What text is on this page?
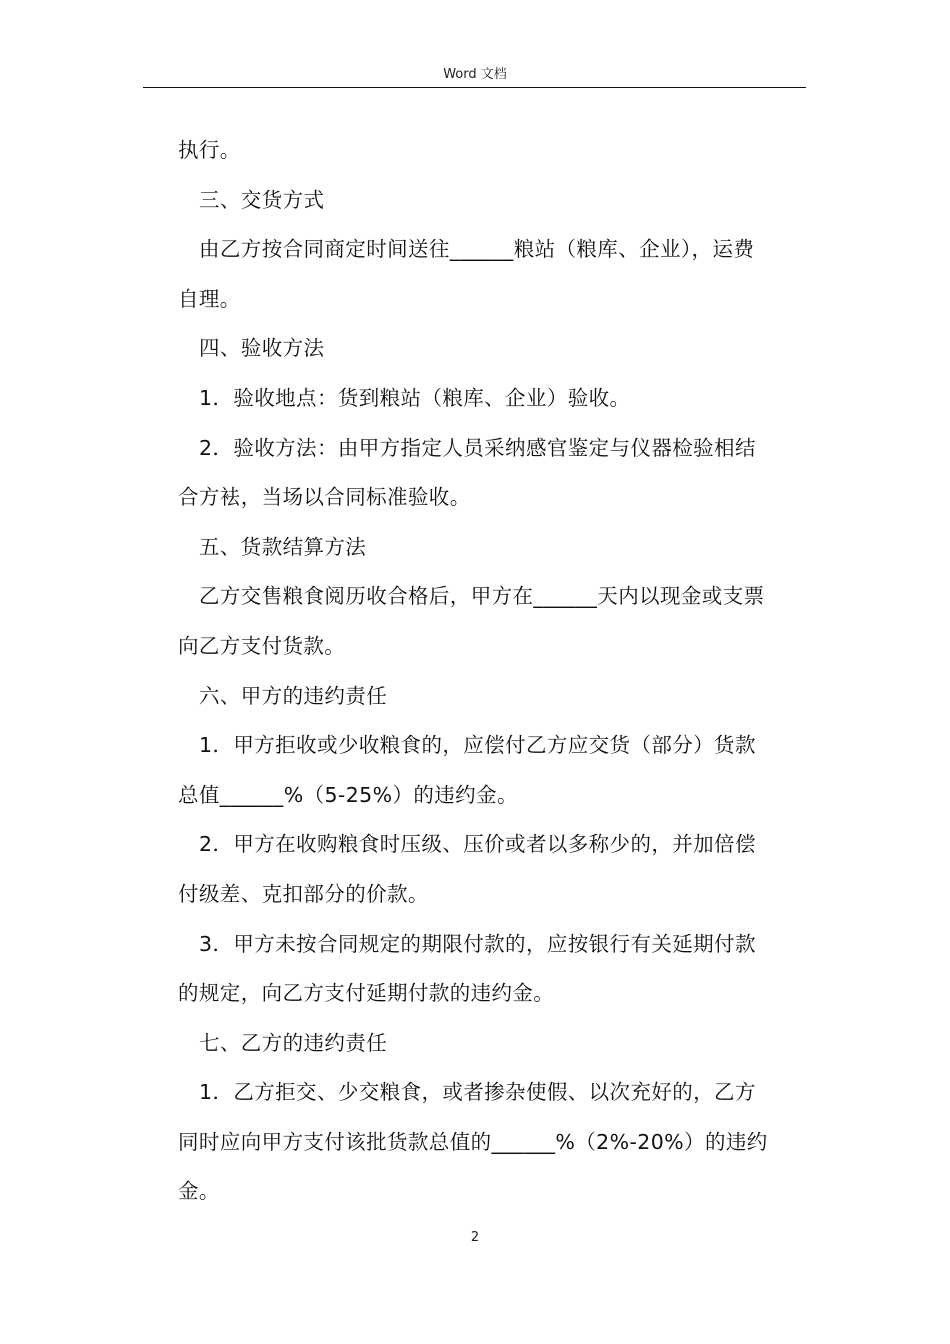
Word 文档

执行。

三、交货方式

由乙方按合同商定时间送往______粮站（粮库、企业），运费

自理。

四、验收方法

1．验收地点：货到粮站（粮库、企业）验收。

2．验收方法：由甲方指定人员采纳感官鉴定与仪器检验相结

合方袪，当场以合同标准验收。

五、货款结算方法

乙方交售粮食阅历收合格后，甲方在______天内以现金或支票

向乙方支付货款。

六、甲方的违约责任

1．甲方拒收或少收粮食的，应偿付乙方应交货（部分）货款

总值______%（5-25%）的违约金。

2．甲方在收购粮食时压级、压价或者以多称少的，并加倍偿

付级差、克扣部分的价款。

3．甲方未按合同规定的期限付款的，应按银行有关延期付款

的规定，向乙方支付延期付款的违约金。

七、乙方的违约责任

1．乙方拒交、少交粮食，或者掺杂使假、以次充好的，乙方

同时应向甲方支付该批货款总值的______%（2%-20%）的违约

金。

2
